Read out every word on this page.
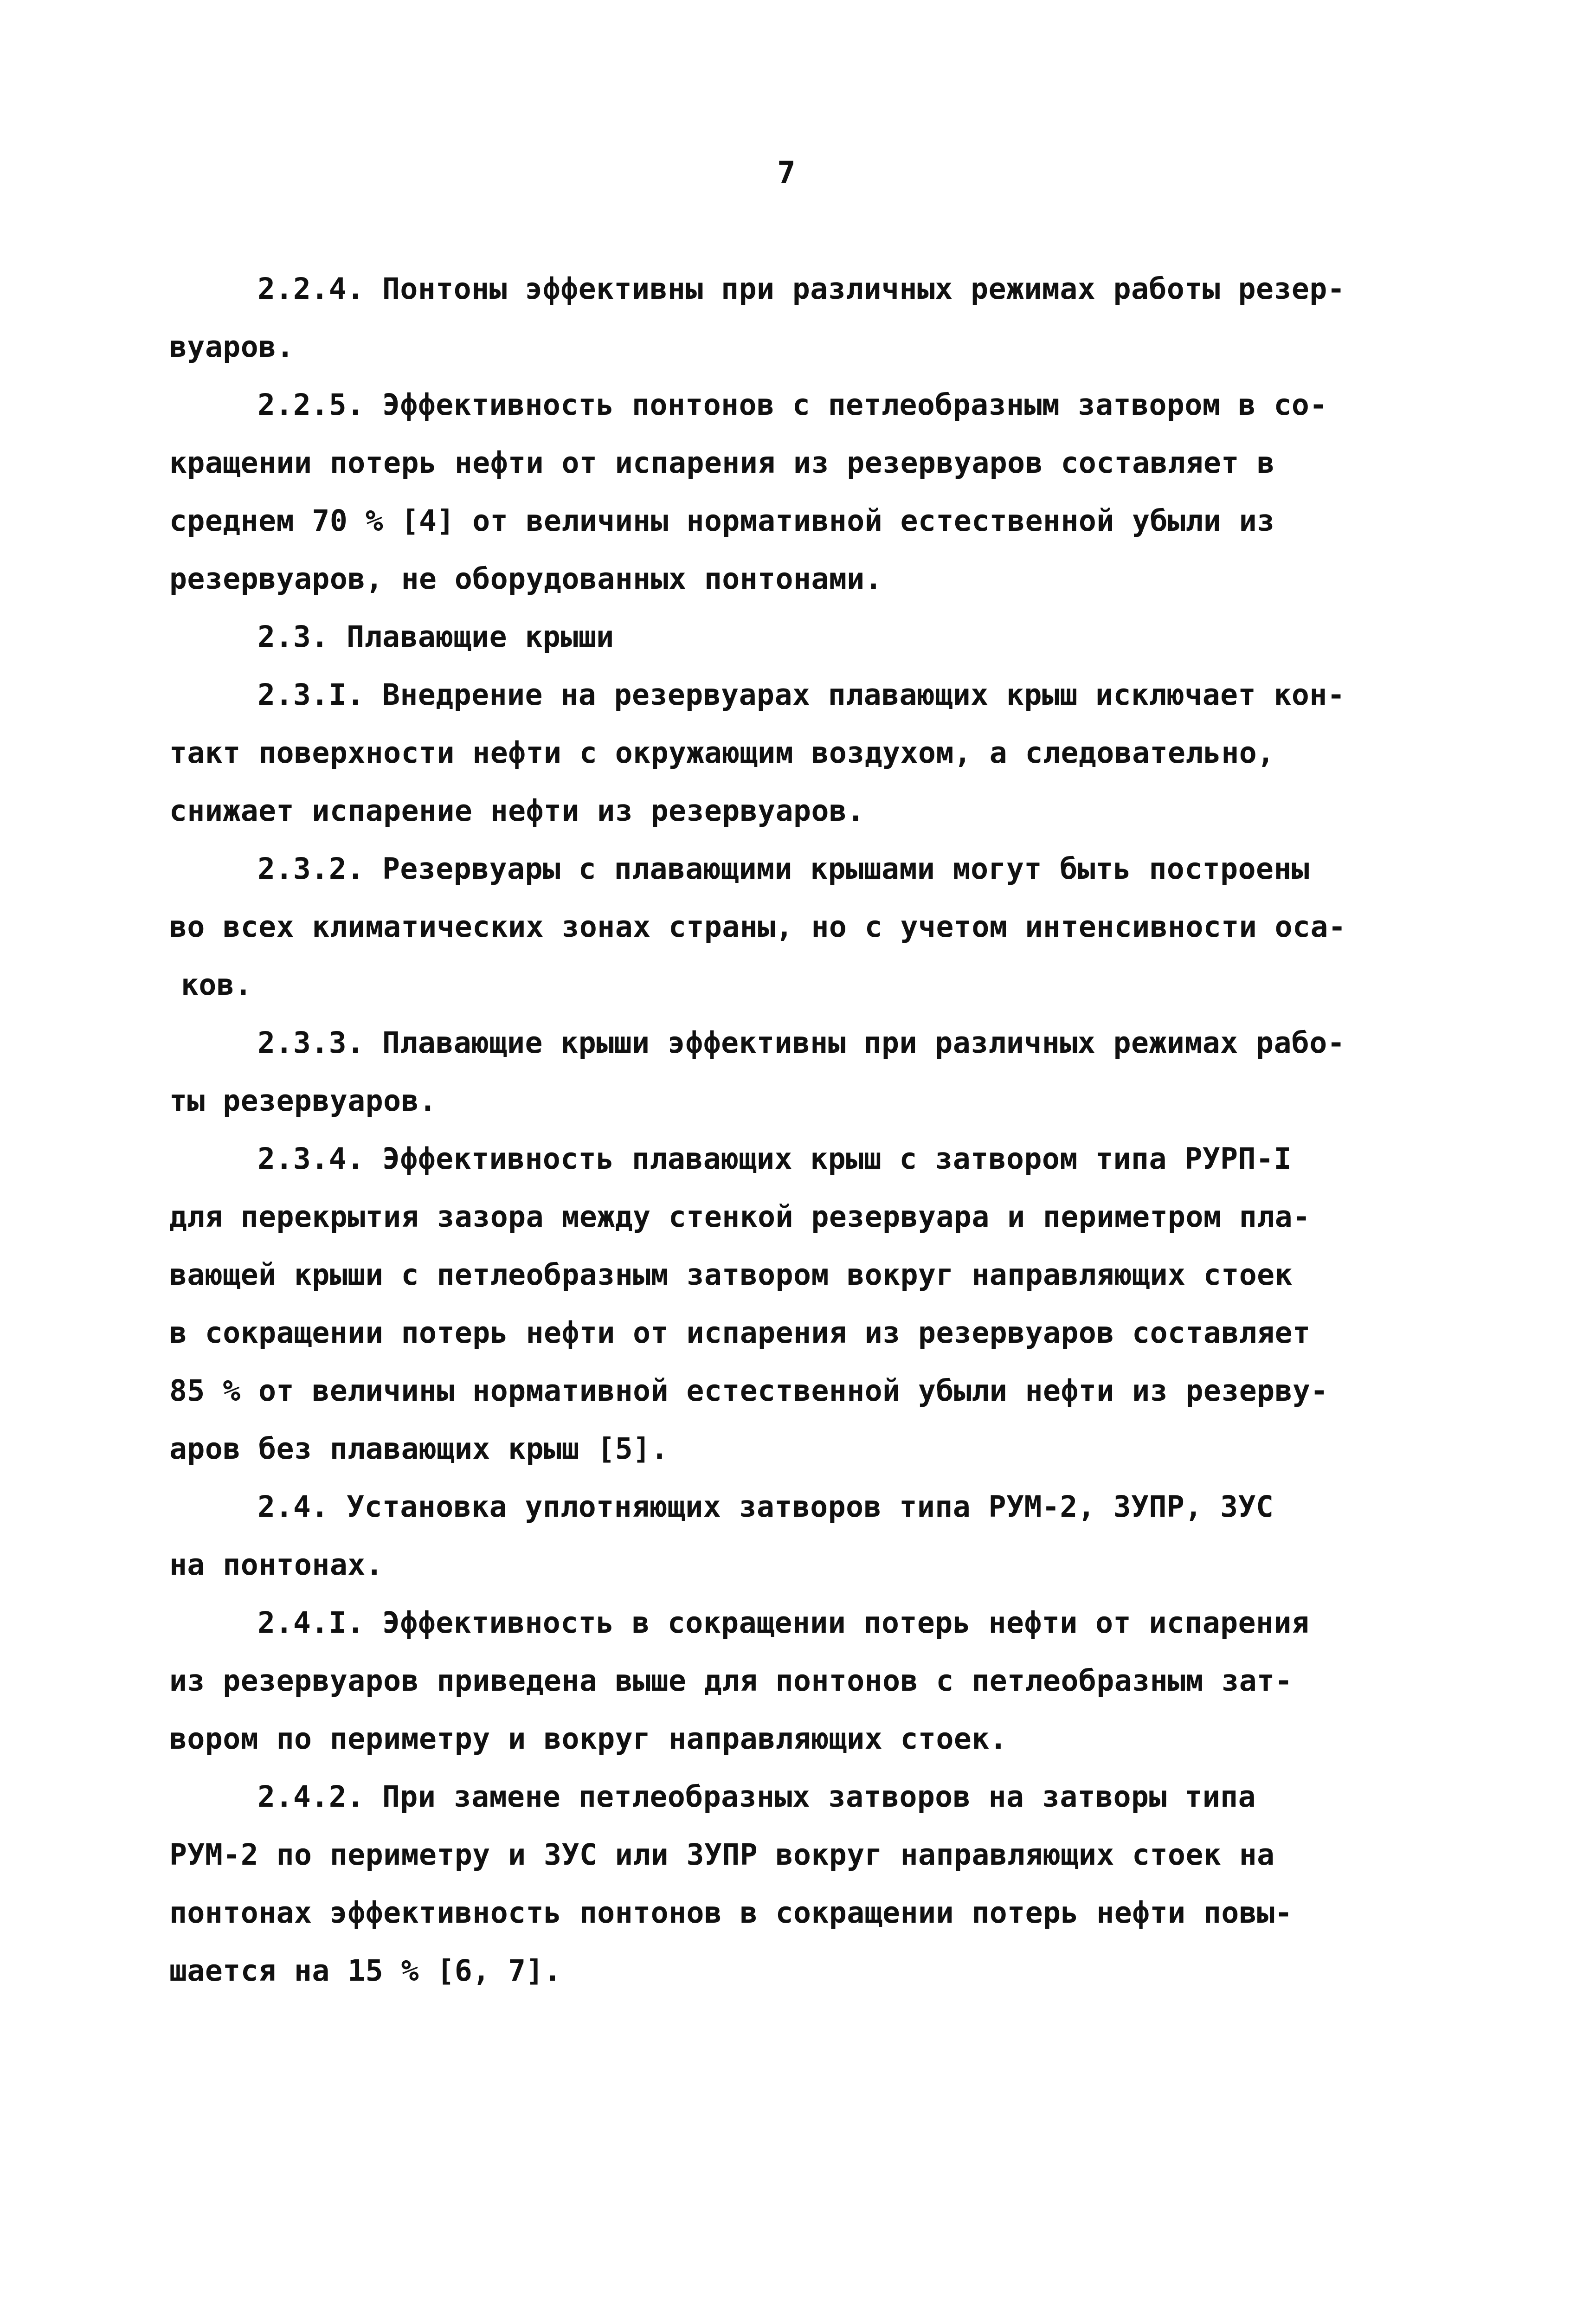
7
2.2.4. Понтоны эффективны при различных режимах работы резер-
вуаров.
2.2.5. Эффективность понтонов с петлеобразным затвором в со-
кращении потерь нефти от испарения из резервуаров составляет в
среднем 70 % [4] от величины нормативной естественной убыли из
резервуаров, не оборудованных понтонами.
2.3. Плавающие крыши
2.3.I. Внедрение на резервуарах плавающих крыш исключает кон-
такт поверхности нефти с окружающим воздухом, а следовательно,
снижает испарение нефти из резервуаров.
2.3.2. Резервуары с плавающими крышами могут быть построены
во всех климатических зонах страны, но с учетом интенсивности оса-
ков.
2.3.3. Плавающие крыши эффективны при различных режимах рабо-
ты резервуаров.
2.3.4. Эффективность плавающих крыш с затвором типа РУРП-I
для перекрытия зазора между стенкой резервуара и периметром пла-
вающей крыши с петлеобразным затвором вокруг направляющих стоек
в сокращении потерь нефти от испарения из резервуаров составляет
85 % от величины нормативной естественной убыли нефти из резерву-
аров без плавающих крыш [5].
2.4. Установка уплотняющих затворов типа РУМ-2, ЗУПР, ЗУС
на понтонах.
2.4.I. Эффективность в сокращении потерь нефти от испарения
из резервуаров приведена выше для понтонов с петлеобразным зат-
вором по периметру и вокруг направляющих стоек.
2.4.2. При замене петлеобразных затворов на затворы типа
РУМ-2 по периметру и ЗУС или ЗУПР вокруг направляющих стоек на
понтонах эффективность понтонов в сокращении потерь нефти повы-
шается на 15 % [6, 7].
